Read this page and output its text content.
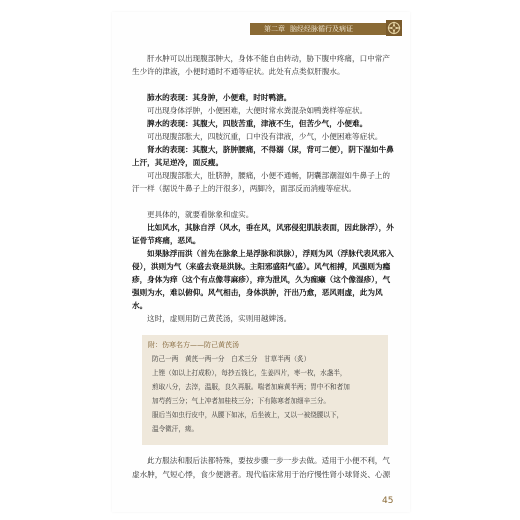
第二章 脑经经脉循行及病证
肝水肿可以出现腹部肿大，身体不能自由转动，胁下腹中疼痛，口中常产生少许的津液，小便时通时不通等症状。此处有点类似肝腹水。
肺水的表现：其身肿，小便难，时时鸭溏。
可出现身体浮肿，小便困难，大便时常水粪混杂如鸭粪样等症状。
脾水的表现：其腹大，四肢苦重，津液不生，但苦少气，小便难。
可出现腹部胀大，四肢沉重，口中没有津液，少气，小便困难等症状。
肾水的表现：其腹大，脐肿腰痛，不得溺（尿，背可二便），阴下湿如牛鼻上汗，其足逆冷，面反瘦。
可出现腹部胀大，肚脐肿，腰痛，小便不通畅，阴囊部潮湿如牛鼻子上的汗一样（据说牛鼻子上的汗很多），两脚冷，面部反而消瘦等症状。
更具体的，就要看脉象和虚实。
比如风水，其脉自浮（风水，垂在风，风邪侵犯肌肤表面，因此脉浮），外证骨节疼痛，恶风。
如果脉浮而洪（首先在脉象上是浮脉和洪脉），浮则为风（浮脉代表风邪入侵），洪则为气（来盛去衰是洪脉。主阳邪盛阳气盛）。风气相搏，风强则为瘾疹，身体为痒（这个有点像荨麻疹），痒为泄风，久为痂癞（这个像湿疹），气强则为水，难以俯仰。风气相击，身体洪肿，汗出乃愈，恶风则虚，此为风水。
这时，虚则用防己黄芪汤，实则用越婢汤。
附：伤寒名方——防己黄芪汤
防己一两　黄芪一两一分　白术三分　甘草半两（炙）
上锉（如以上打成粉），每抄五钱匕，生姜四片，枣一枚，水盏半，
煎取八分，去滓，温服，良久再服。喘者加麻黄半两；胃中不和者加
加芍药三分；气上冲者加桂枝三分；下有陈寒者加细辛三分。
服后当如虫行皮中，从腰下如冰，后坐被上，又以一被绕腰以下，
温令微汗，瘥。
此方服法和服后法都特殊，要按步骤一步一步去做。适用于小便不利，气虚水肿，气短心悸，食少便溏者。现代临床常用于治疗慢性肾小球肾炎、心源
45
